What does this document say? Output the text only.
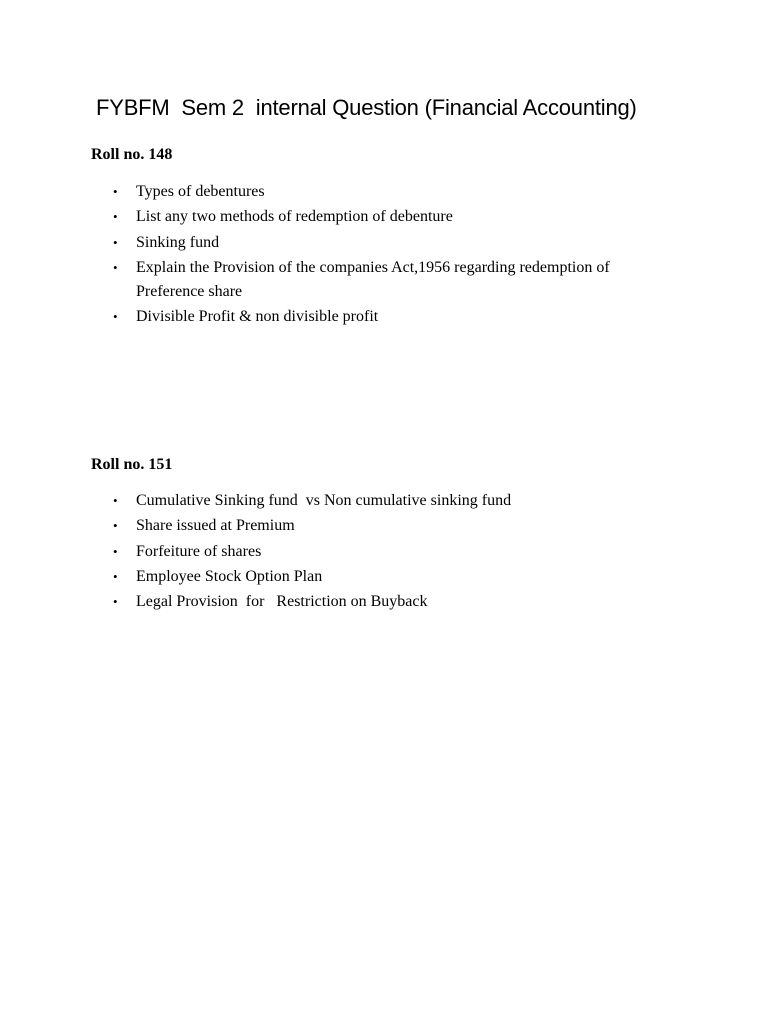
FYBFM  Sem 2  internal Question (Financial Accounting)
Roll no. 148
• Types of debentures
• List any two methods of redemption of debenture
• Sinking fund
• Explain the Provision of the companies Act,1956 regarding redemption of
Preference share
• Divisible Profit & non divisible profit
Roll no. 151
• Cumulative Sinking fund  vs Non cumulative sinking fund
• Share issued at Premium
• Forfeiture of shares
• Employee Stock Option Plan
• Legal Provision  for   Restriction on Buyback
